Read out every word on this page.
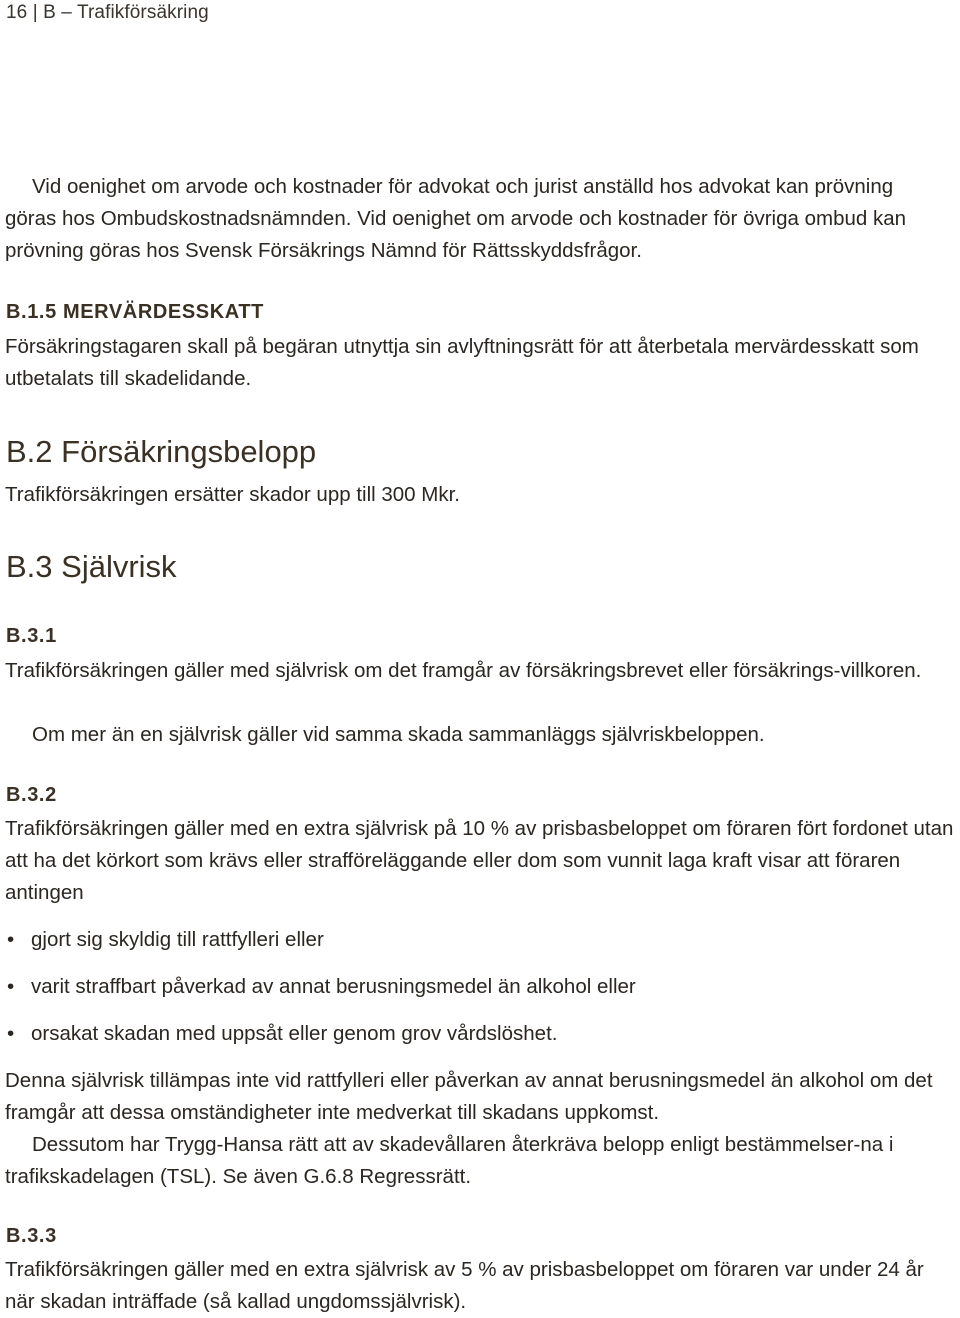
16 | B – Trafikförsäkring

Vid oenighet om arvode och kostnader för advokat och jurist anställd hos advokat kan prövning göras hos Ombudskostnadsnämnden. Vid oenighet om arvode och kostnader för övriga ombud kan prövning göras hos Svensk Försäkrings Nämnd för Rättsskyddsfrågor.

B.1.5 MERVÄRDESSKATT

Försäkringstagaren skall på begäran utnyttja sin avlyftningsrätt för att återbetala mervärdesskatt som utbetalats till skadelidande.

B.2 Försäkringsbelopp

Trafikförsäkringen ersätter skador upp till 300 Mkr.

B.3 Självrisk
B.3.1

Trafikförsäkringen gäller med självrisk om det framgår av försäkringsbrevet eller försäkrings-villkoren.

Om mer än en självrisk gäller vid samma skada sammanläggs självriskbeloppen.

B.3.2

Trafikförsäkringen gäller med en extra självrisk på 10 % av prisbasbeloppet om föraren fört fordonet utan att ha det körkort som krävs eller strafföreläggande eller dom som vunnit laga kraft visar att föraren antingen

• gjort sig skyldig till rattfylleri eller
• varit straffbart påverkad av annat berusningsmedel än alkohol eller
• orsakat skadan med uppsåt eller genom grov vårdslöshet.

Denna självrisk tillämpas inte vid rattfylleri eller påverkan av annat berusningsmedel än alkohol om det framgår att dessa omständigheter inte medverkat till skadans uppkomst.

Dessutom har Trygg-Hansa rätt att av skadevållaren återkräva belopp enligt bestämmelser-na i trafikskadelagen (TSL). Se även G.6.8 Regressrätt.

B.3.3

Trafikförsäkringen gäller med en extra självrisk av 5 % av prisbasbeloppet om föraren var under 24 år när skadan inträffade (så kallad ungdomssjälvrisk).
